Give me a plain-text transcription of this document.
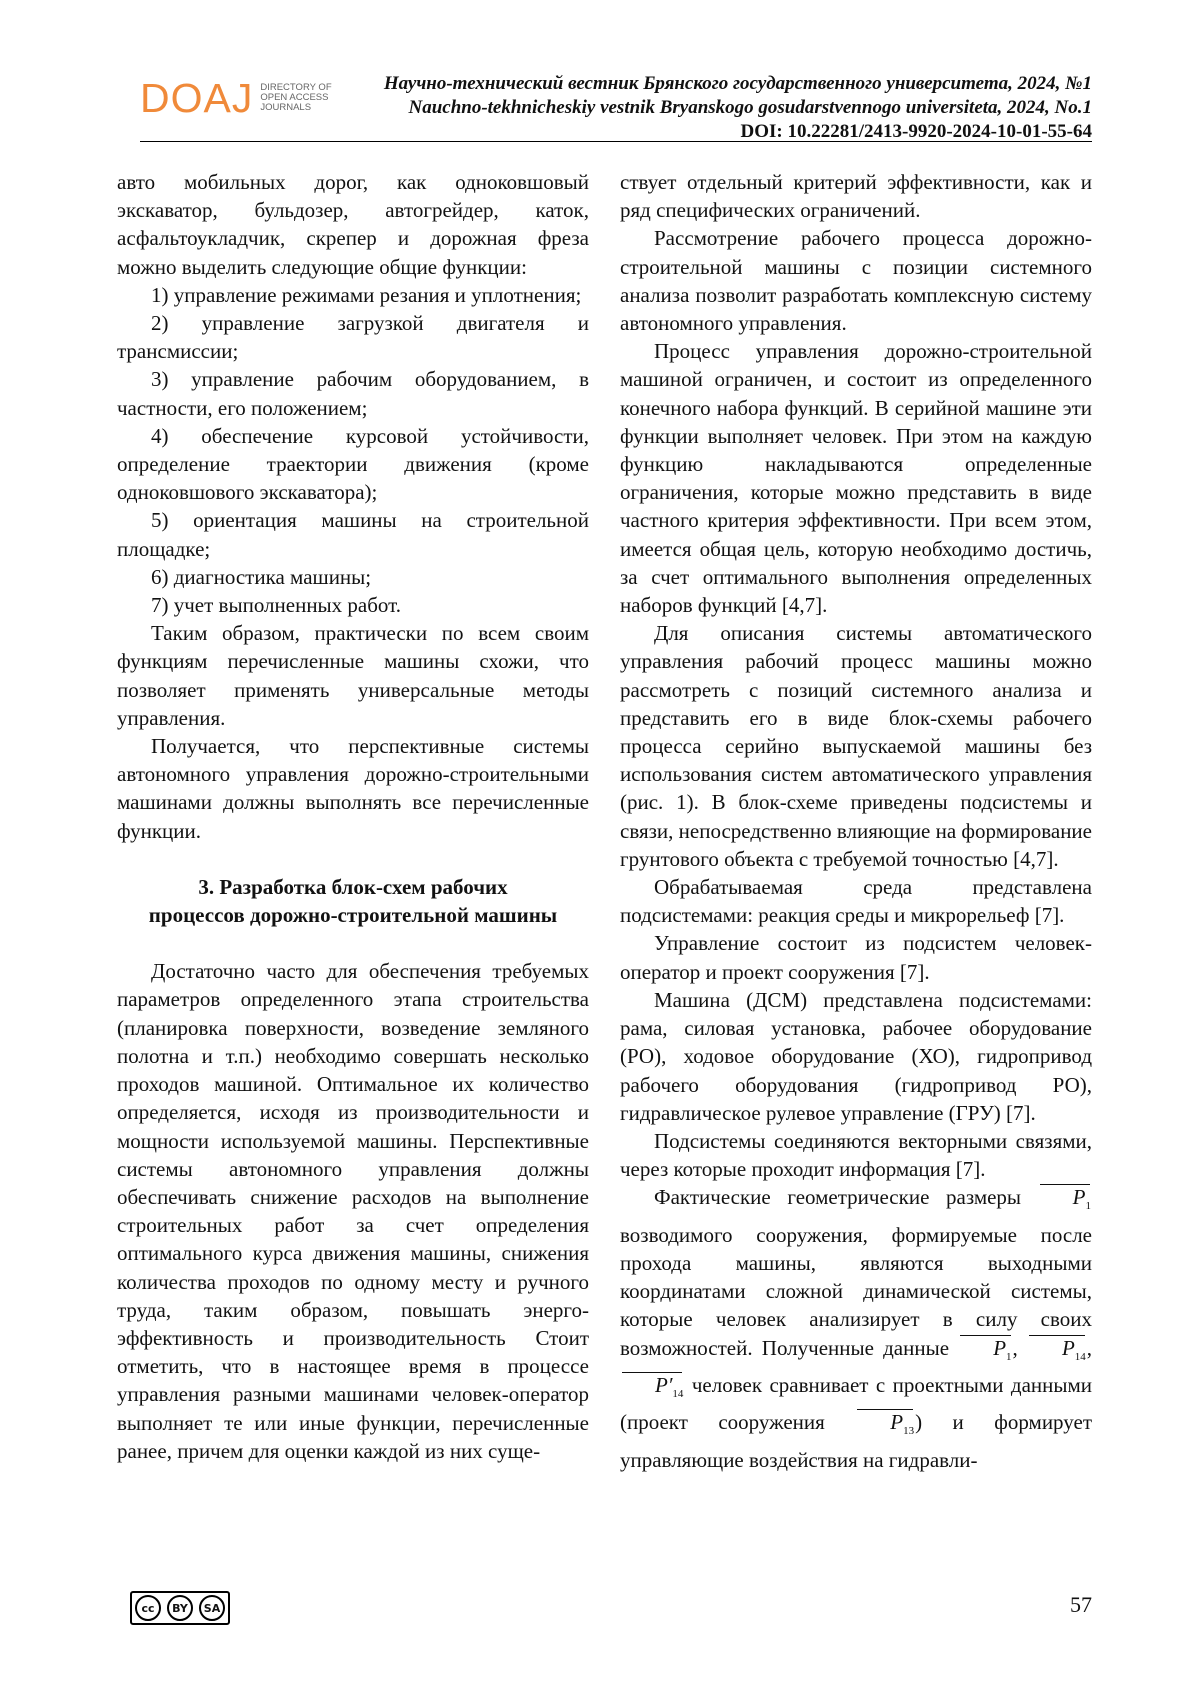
DOAJ DIRECTORY OF
OPEN ACCESS
JOURNALS
Научно-технический вестник Брянского государственного университета, 2024, №1
Nauchno-tekhnicheskiy vestnik Bryanskogo gosudarstvennogo universiteta, 2024, No.1
DOI: 10.22281/2413-9920-2024-10-01-55-64

авто мобильных дорог, как одноковшовый экскаватор, бульдозер, автогрейдер, каток, асфальтоукладчик, скрепер и дорожная фреза можно выделить следующие общие функции:

1) управление режимами резания и уплотнения;

2) управление загрузкой двигателя и трансмиссии;

3) управление рабочим оборудованием, в частности, его положением;

4) обеспечение курсовой устойчивости, определение траектории движения (кроме одноковшового экскаватора);

5) ориентация машины на строительной площадке;

6) диагностика машины;

7) учет выполненных работ.

Таким образом, практически по всем своим функциям перечисленные машины схожи, что позволяет применять универсальные методы управления.

Получается, что перспективные системы автономного управления дорожно-строительными машинами должны выполнять все перечисленные функции.

3. Разработка блок-схем рабочих
процессов дорожно-строительной машины

Достаточно часто для обеспечения требуемых параметров определенного этапа строительства (планировка поверхности, возведение земляного полотна и т.п.) необходимо совершать несколько проходов машиной. Оптимальное их количество определяется, исходя из производительности и мощности используемой машины. Перспективные системы автономного управления должны обеспечивать снижение расходов на выполнение строительных работ за счет определения оптимального курса движения машины, снижения количества проходов по одному месту и ручного труда, таким образом, повышать энерго-эффективность и производительность Стоит отметить, что в настоящее время в процессе управления разными машинами человек-оператор выполняет те или иные функции, перечисленные ранее, причем для оценки каждой из них суще-

ствует отдельный критерий эффективности, как и ряд специфических ограничений.

Рассмотрение рабочего процесса дорожно-строительной машины с позиции системного анализа позволит разработать комплексную систему автономного управления.

Процесс управления дорожно-строительной машиной ограничен, и состоит из определенного конечного набора функций. В серийной машине эти функции выполняет человек. При этом на каждую функцию накладываются определенные ограничения, которые можно представить в виде частного критерия эффективности. При всем этом, имеется общая цель, которую необходимо достичь, за счет оптимального выполнения определенных наборов функций [4,7].

Для описания системы автоматического управления рабочий процесс машины можно рассмотреть с позиций системного анализа и представить его в виде блок-схемы рабочего процесса серийно выпускаемой машины без использования систем автоматического управления (рис. 1). В блок-схеме приведены подсистемы и связи, непосредственно влияющие на формирование грунтового объекта с требуемой точностью [4,7].

Обрабатываемая среда представлена подсистемами: реакция среды и микрорельеф [7].

Управление состоит из подсистем человек-оператор и проект сооружения [7].

Машина (ДСМ) представлена подсистемами: рама, силовая установка, рабочее оборудование (РО), ходовое оборудование (ХО), гидропривод рабочего оборудования (гидропривод РО), гидравлическое рулевое управление (ГРУ) [7].

Подсистемы соединяются векторными связями, через которые проходит информация [7].

Фактические геометрические размеры $P_1$ возводимого сооружения, формируемые после прохода машины, являются выходными координатами сложной динамической системы, которые человек анализирует в силу своих возможностей. Полученные данные $P_1$, $P_{14}$, $P'_{14}$ человек сравнивает с проектными данными (проект сооружения	$P_{13}$) и формирует управляющие воздействия на гидравли-

cc	BY	SA	57
